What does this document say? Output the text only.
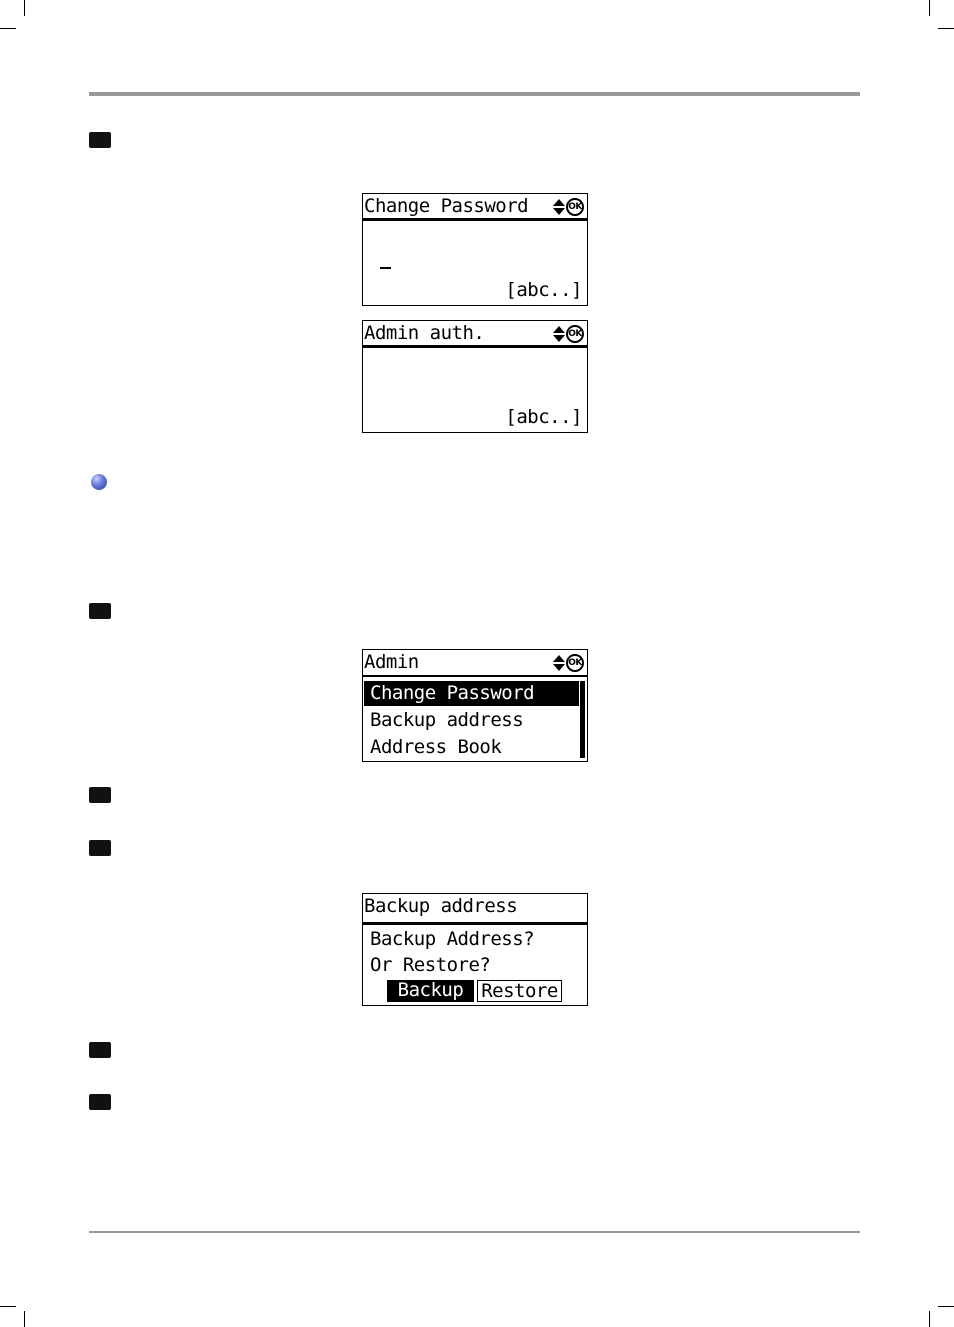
Change Password	OK
[abc..]
Admin auth.	OK
[abc..]
Admin	OK
Change Password
Backup address
Address Book
Backup address
Backup Address?
Or Restore?
Backup Restore
